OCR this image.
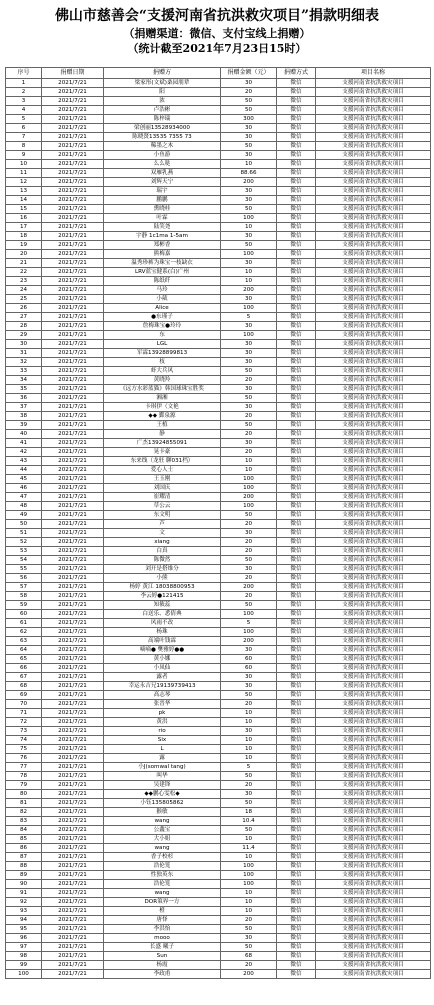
佛山市慈善会“支援河南省抗洪救灾项目”捐款明细表
（捐赠渠道：微信、支付宝线上捐赠）
（统计截至2021年7月23日15时）
序号	捐赠日期	捐赠方	捐赠金额（元）	捐赠方式	项目名称
1	2021/7/21	梁家彤(文斌)桑园朋辈	30	微信	支援河南省抗洪救灾项目
2	2021/7/21	阳	20	微信	支援河南省抗洪救灾项目
3	2021/7/21	浓	50	微信	支援河南省抗洪救灾项目
4	2021/7/21	卢浩彬	50	微信	支援河南省抗洪救灾项目
5	2021/7/21	陈梓瑞	300	微信	支援河南省抗洪救灾项目
6	2021/7/21	梁创丽13528934000	30	微信	支援河南省抗洪救灾项目
7	2021/7/21	陈晓贤13535 7355 73	30	微信	支援河南省抗洪救灾项目
8	2021/7/21	稀墨之木	50	微信	支援河南省抗洪救灾项目
9	2021/7/21	小鱼游	30	微信	支援河南省抗洪救灾项目
10	2021/7/21	么么哒	10	微信	支援河南省抗洪救灾项目
11	2021/7/21	双雁乳燕	88.66	微信	支援河南省抗洪救灾项目
12	2021/7/21	刘辉天宁	200	微信	支援河南省抗洪救灾项目
13	2021/7/21	瑞宇	30	微信	支援河南省抗洪救灾项目
14	2021/7/21	鹏鹏	30	微信	支援河南省抗洪救灾项目
15	2021/7/21	熏晓桂	50	微信	支援河南省抗洪救灾项目
16	2021/7/21	叶霖	100	微信	支援河南省抗洪救灾项目
17	2021/7/21	陆笑尧	10	微信	支援河南省抗洪救灾项目
18	2021/7/21	宇静 1c1ma 1-5am	30	微信	支援河南省抗洪救灾项目
19	2021/7/21	郑彬香	50	微信	支援河南省抗洪救灾项目
20	2021/7/21	熊梅嘉	100	微信	支援河南省抗洪救灾项目
21	2021/7/21	温秀珍裤为珠宝一枝缺衣	30	微信	支援河南省抗洪救灾项目
22	2021/7/21	LRV蓝宝健系(白)广州	10	微信	支援河南省抗洪救灾项目
23	2021/7/21	陈纸纤	10	微信	支援河南省抗洪救灾项目
24	2021/7/21	马玲	200	微信	支援河南省抗洪救灾项目
25	2021/7/21	小葳	30	微信	支援河南省抗洪救灾项目
26	2021/7/21	Alice	100	微信	支援河南省抗洪救灾项目
27	2021/7/21	●东瑾子	5	微信	支援河南省抗洪救灾项目
28	2021/7/21	詹梅珠宝●玲玲	30	微信	支援河南省抗洪救灾项目
29	2021/7/21	东	100	微信	支援河南省抗洪救灾项目
30	2021/7/21	LGL	30	微信	支援河南省抗洪救灾项目
31	2021/7/21	军霖13928899813	30	微信	支援河南省抗洪救灾项目
32	2021/7/21	枝	30	微信	支援河南省抗洪救灾项目
33	2021/7/21	虾大兵风	50	微信	支援河南省抗洪救灾项目
34	2021/7/21	黄晓羚	20	微信	支援河南省抗洪救灾项目
35	2021/7/21	《远方水彩蓝猫》韩国球珠宝胜奖	30	微信	支援河南省抗洪救灾项目
36	2021/7/21	湘湘	50	微信	支援河南省抗洪救灾项目
37	2021/7/21	卡琪伊（文艳	30	微信	支援河南省抗洪救灾项目
38	2021/7/21	◆◆ 鄞泉源	20	微信	支援河南省抗洪救灾项目
39	2021/7/21	王植	50	微信	支援河南省抗洪救灾项目
40	2021/7/21	静	20	微信	支援河南省抗洪救灾项目
41	2021/7/21	广杰13924855091	30	微信	支援河南省抗洪救灾项目
42	2021/7/21	晃卡豪	20	微信	支援河南省抗洪救灾项目
43	2021/7/21	东来线（龙驻 聊031档）	10	微信	支援河南省抗洪救灾项目
44	2021/7/21	爱心人士	10	微信	支援河南省抗洪救灾项目
45	2021/7/21	王玉刚	100	微信	支援河南省抗洪救灾项目
46	2021/7/21	刘国庆	100	微信	支援河南省抗洪救灾项目
47	2021/7/21	崔耀清	200	微信	支援河南省抗洪救灾项目
48	2021/7/21	草公云	100	微信	支援河南省抗洪救灾项目
49	2021/7/21	东文明	50	微信	支援河南省抗洪救灾项目
50	2021/7/21	芦	20	微信	支援河南省抗洪救灾项目
51	2021/7/21	文	30	微信	支援河南省抗洪救灾项目
52	2021/7/21	xiang	20	微信	支援河南省抗洪救灾项目
53	2021/7/21	白真	20	微信	支援河南省抗洪救灾项目
54	2021/7/21	陈微然	50	微信	支援河南省抗洪救灾项目
55	2021/7/21	刘开是搭维分	30	微信	支援河南省抗洪救灾项目
56	2021/7/21	小熊	20	微信	支援河南省抗洪救灾项目
57	2021/7/21	杨婷 黄江 18038800953	200	微信	支援河南省抗洪救灾项目
58	2021/7/21	李云婷●121415	20	微信	支援河南省抗洪救灾项目
59	2021/7/21	知筱蕊	50	微信	支援河南省抗洪救灾项目
60	2021/7/21	白送乐、悉倩典	100	微信	支援河南省抗洪救灾项目
61	2021/7/21	风雨不改	5	微信	支援河南省抗洪救灾项目
62	2021/7/21	杨珠	100	微信	支援河南省抗洪救灾项目
63	2021/7/21	高端叶钱霖	200	微信	支援河南省抗洪救灾项目
64	2021/7/21	嘀嘀● 樊雅婷●●	30	微信	支援河南省抗洪救灾项目
65	2021/7/21	黄小娜	60	微信	支援河南省抗洪救灾项目
66	2021/7/21	小凤仙	60	微信	支援河南省抗洪救灾项目
67	2021/7/21	露者	30	微信	支援河南省抗洪救灾项目
68	2021/7/21	幸运永吉兄19139739413	30	微信	支援河南省抗洪救灾项目
69	2021/7/21	高志琴	50	微信	支援河南省抗洪救灾项目
70	2021/7/21	张晋华	20	微信	支援河南省抗洪救灾项目
71	2021/7/21	pk	10	微信	支援河南省抗洪救灾项目
72	2021/7/21	黄洪	10	微信	支援河南省抗洪救灾项目
73	2021/7/21	rio	30	微信	支援河南省抗洪救灾项目
74	2021/7/21	Six	10	微信	支援河南省抗洪救灾项目
75	2021/7/21	L	10	微信	支援河南省抗洪救灾项目
76	2021/7/21	露	10	微信	支援河南省抗洪救灾项目
77	2021/7/21	小J(somwal tang)	5	微信	支援河南省抗洪救灾项目
78	2021/7/21	叫华	50	微信	支援河南省抗洪救灾项目
79	2021/7/21	吴建锋	20	微信	支援河南省抗洪救灾项目
80	2021/7/21	◆◆鹏心雯松◆	30	微信	支援河南省抗洪救灾项目
81	2021/7/21	小钰135805862	50	微信	支援河南省抗洪救灾项目
82	2021/7/21	猴敏	18	微信	支援河南省抗洪救灾项目
83	2021/7/21	wang	10.4	微信	支援河南省抗洪救灾项目
84	2021/7/21	公鑫宝	50	微信	支援河南省抗洪救灾项目
85	2021/7/21	大小姐	10	微信	支援河南省抗洪救灾项目
86	2021/7/21	wang	11.4	微信	支援河南省抗洪救灾项目
87	2021/7/21	香子校杉	10	微信	支援河南省抗洪救灾项目
88	2021/7/21	浩伦笼	100	微信	支援河南省抗洪救灾项目
89	2021/7/21	性独英东	100	微信	支援河南省抗洪救灾项目
90	2021/7/21	浩伦笼	100	微信	支援河南省抗洪救灾项目
91	2021/7/21	wang	10	微信	支援河南省抗洪救灾项目
92	2021/7/21	DOR策界一方	10	微信	支援河南省抗洪救灾项目
93	2021/7/21	橙	10	微信	支援河南省抗洪救灾项目
94	2021/7/21	唐怿	20	微信	支援河南省抗洪救灾项目
95	2021/7/21	李洪怡	50	微信	支援河南省抗洪救灾项目
96	2021/7/21	mooo	30	微信	支援河南省抗洪救灾项目
97	2021/7/21	长盛 曦子	50	微信	支援河南省抗洪救灾项目
98	2021/7/21	Sun	68	微信	支援河南省抗洪救灾项目
99	2021/7/21	杨霞	20	微信	支援河南省抗洪救灾项目
100	2021/7/21	李政甫	200	微信	支援河南省抗洪救灾项目
